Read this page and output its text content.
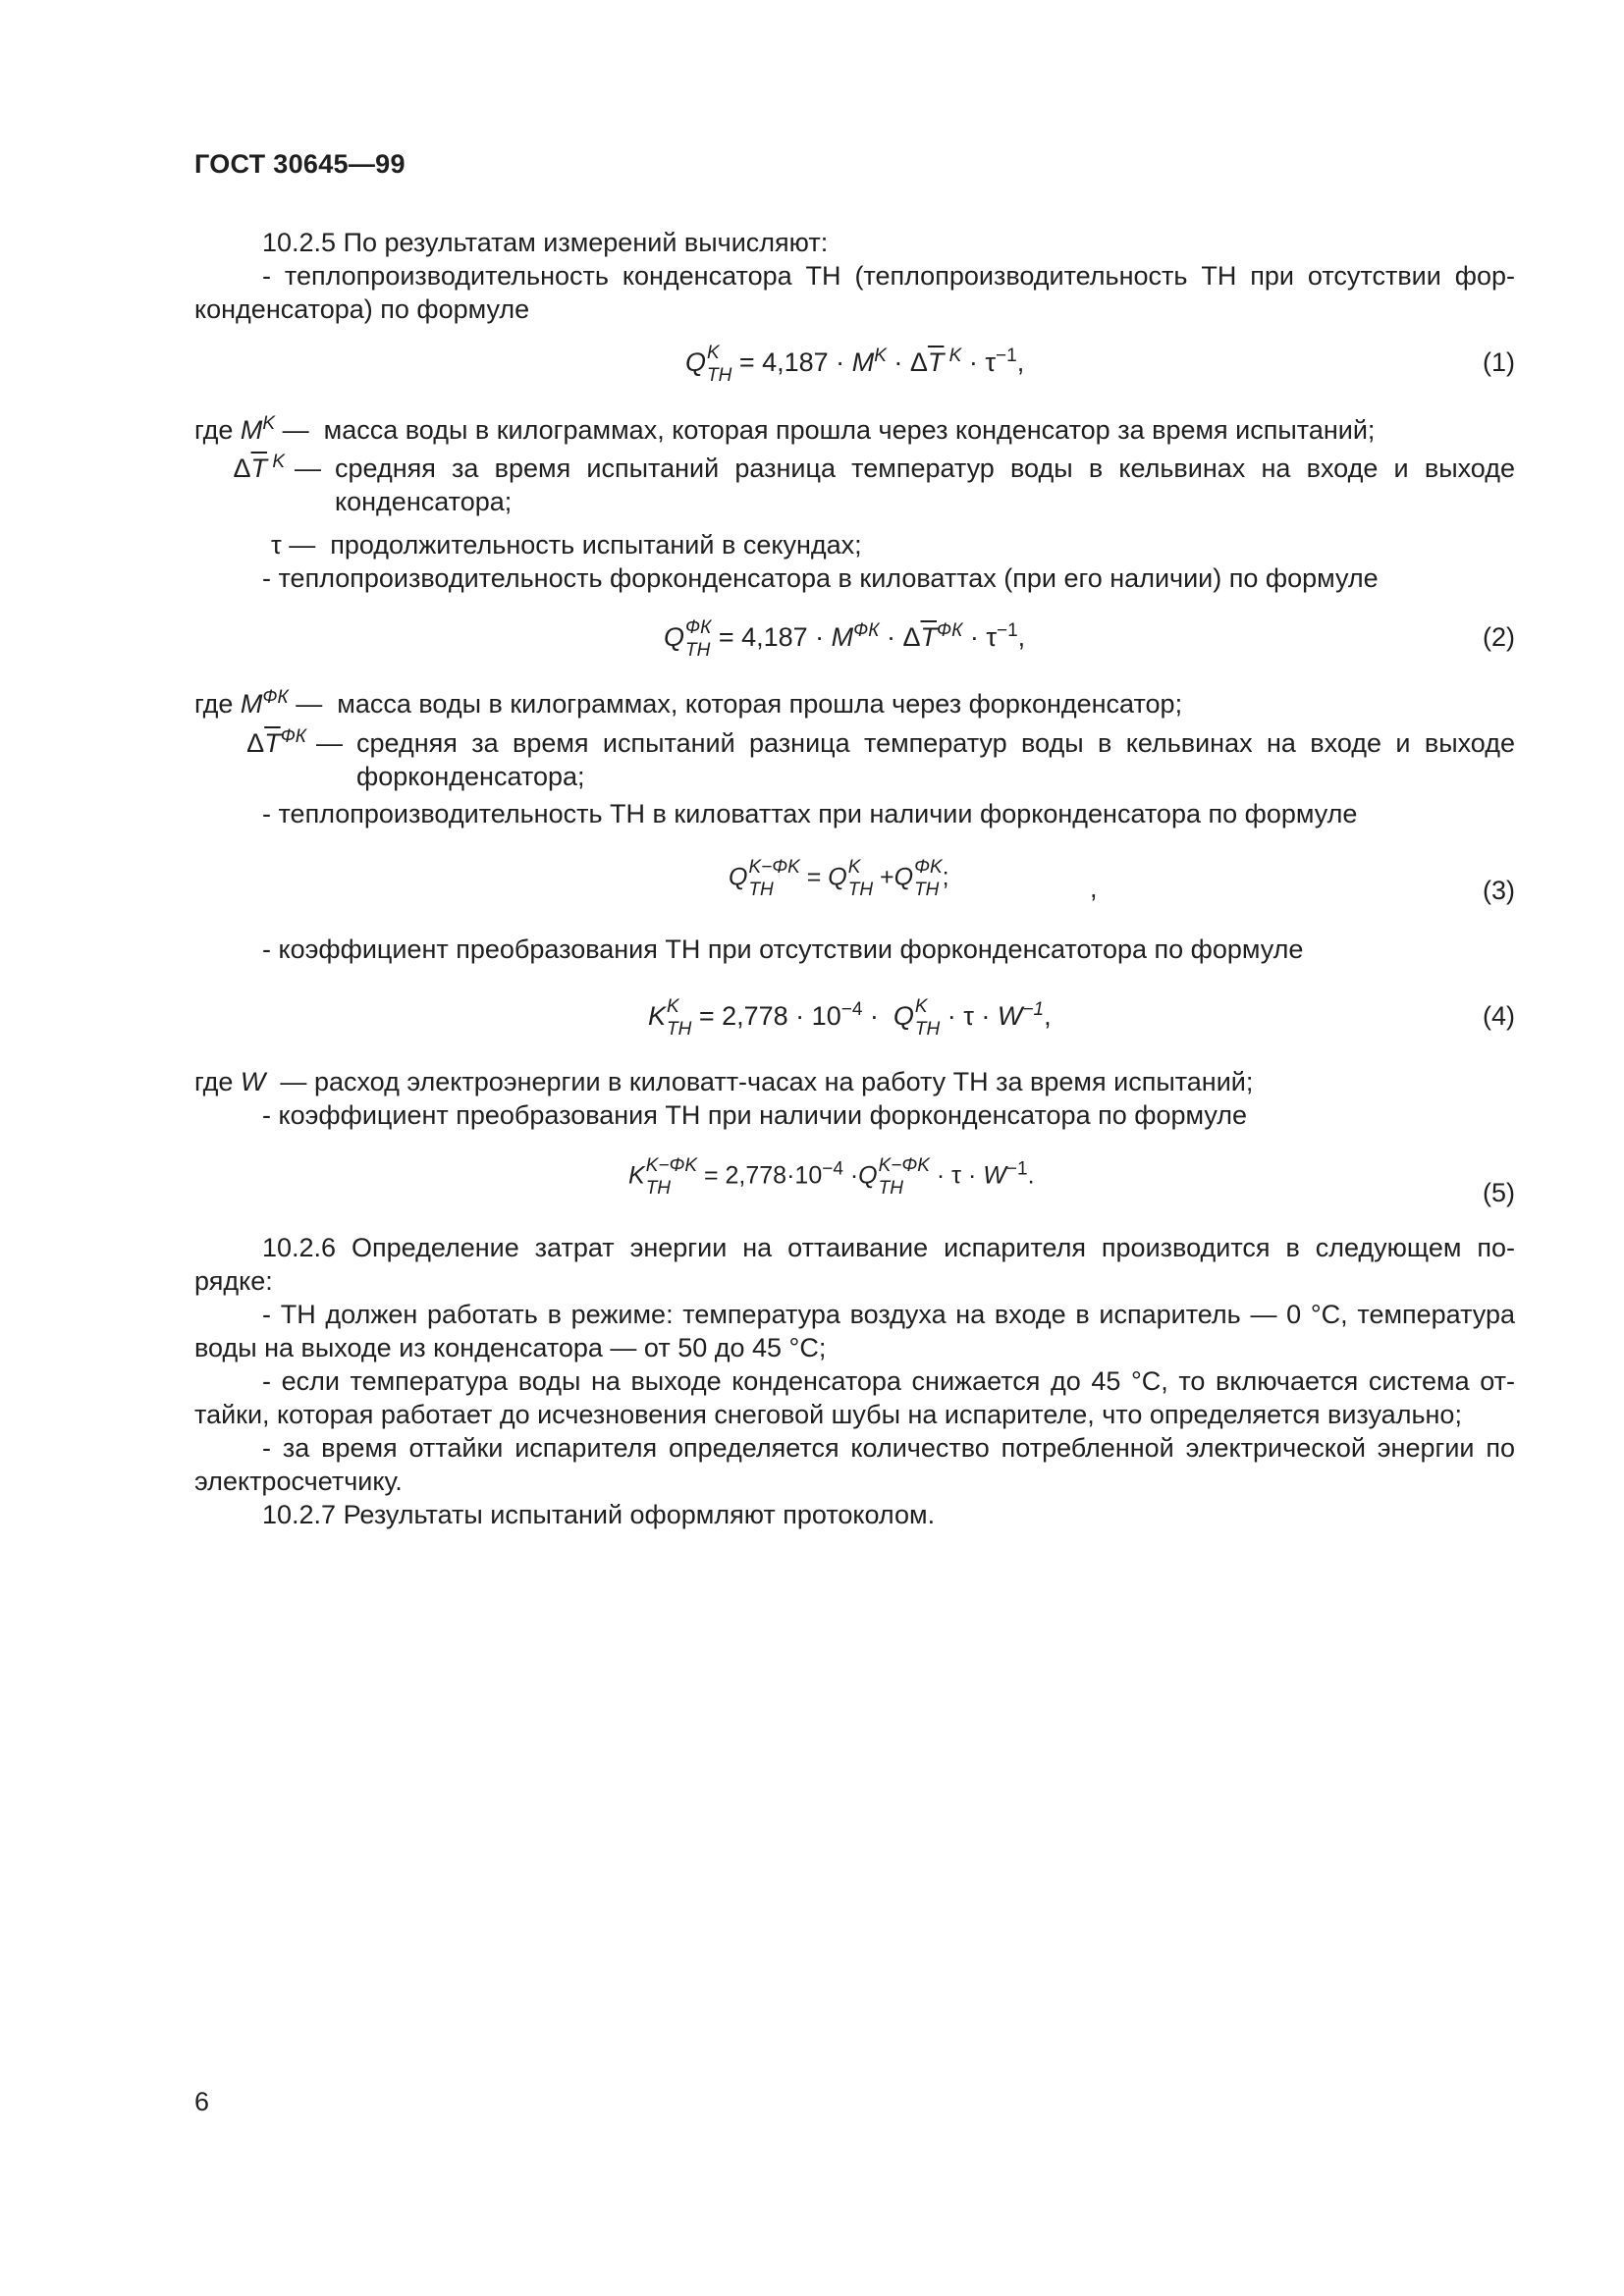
ГОСТ 30645—99
10.2.5 По результатам измерений вычисляют:
- теплопроизводительность конденсатора ТН (теплопроизводительность ТН при отсутствии фор-
конденсатора) по формуле
Q K
TH = $4,187 \cdot M^K \cdot \Delta\overline{T}$ $^K \cdot \tau^{-1}$,	(1)
где $M^K$ — масса воды в килограммах, которая прошла через конденсатор за время испытаний;
$\Delta\overline{T}$ $^K$ — средняя за время испытаний разница температур воды в кельвинах на входе и выходе конденсатора;
τ — продолжительность испытаний в секундах;
- теплопроизводительность форконденсатора в киловаттах (при его наличии) по формуле
Q ФК
TH = $4,187 \cdot M^{ФК} \cdot \Delta\overline{T}^{ФК} \cdot \tau^{-1}$,	(2)
где $M^{ФК}$ — масса воды в килограммах, которая прошла через форконденсатор;
$\Delta\overline{T}^{ФК}$ — средняя за время испытаний разница температур воды в кельвинах на входе и выходе форконденсатора;
- теплопроизводительность ТН в киловаттах при наличии форконденсатора по формуле
Q K−ΦK
TH	= Q K
TH +Q ΦK
TH ;	,	(3)
- коэффициент преобразования ТН при отсутствии форконденсатотора по формуле
K K
TH = $2,778 \cdot 10^{-4} \cdot Q$ K
TH · $\tau \cdot W^{-1}$,	(4)
где W — расход электроэнергии в киловатт-часах на работу ТН за время испытаний;
- коэффициент преобразования ТН при наличии форконденсатора по формуле
K K−ΦK
TH	= $2,778\cdot 10^{-4} \cdot Q$ K−ΦK
TH	· $\tau \cdot W^{-1}$.
(5)
10.2.6 Определение затрат энергии на оттаивание испарителя производится в следующем по-
рядке:
- ТН должен работать в режиме: температура воздуха на входе в испаритель — 0 °С, температура
воды на выходе из конденсатора — от 50 до 45 °С;
- если температура воды на выходе конденсатора снижается до 45 °С, то включается система от-
тайки, которая работает до исчезновения снеговой шубы на испарителе, что определяется визуально;
- за время оттайки испарителя определяется количество потребленной электрической энергии по
электросчетчику.
10.2.7 Результаты испытаний оформляют протоколом.
6
